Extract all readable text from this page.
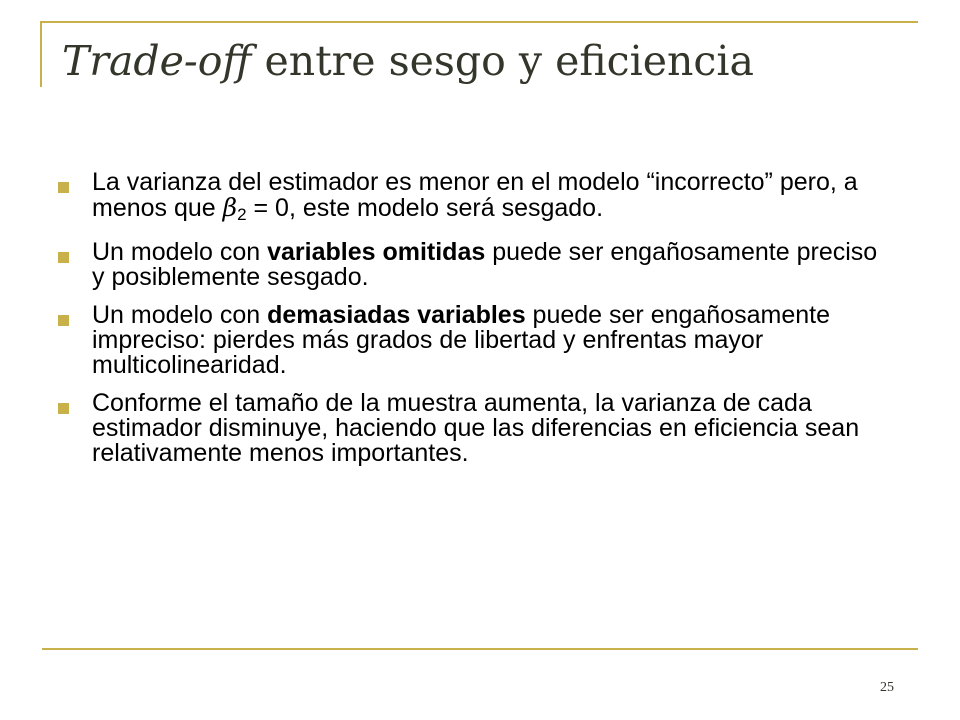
Trade-off entre sesgo y eficiencia
La varianza del estimador es menor en el modelo “incorrecto” pero, a menos que $\beta_2 = 0$, este modelo será sesgado.
Un modelo con variables omitidas puede ser engañosamente preciso y posiblemente sesgado.
Un modelo con demasiadas variables puede ser engañosamente impreciso: pierdes más grados de libertad y enfrentas mayor multicolinearidad.
Conforme el tamaño de la muestra aumenta, la varianza de cada estimador disminuye, haciendo que las diferencias en eficiencia sean relativamente menos importantes.
25
